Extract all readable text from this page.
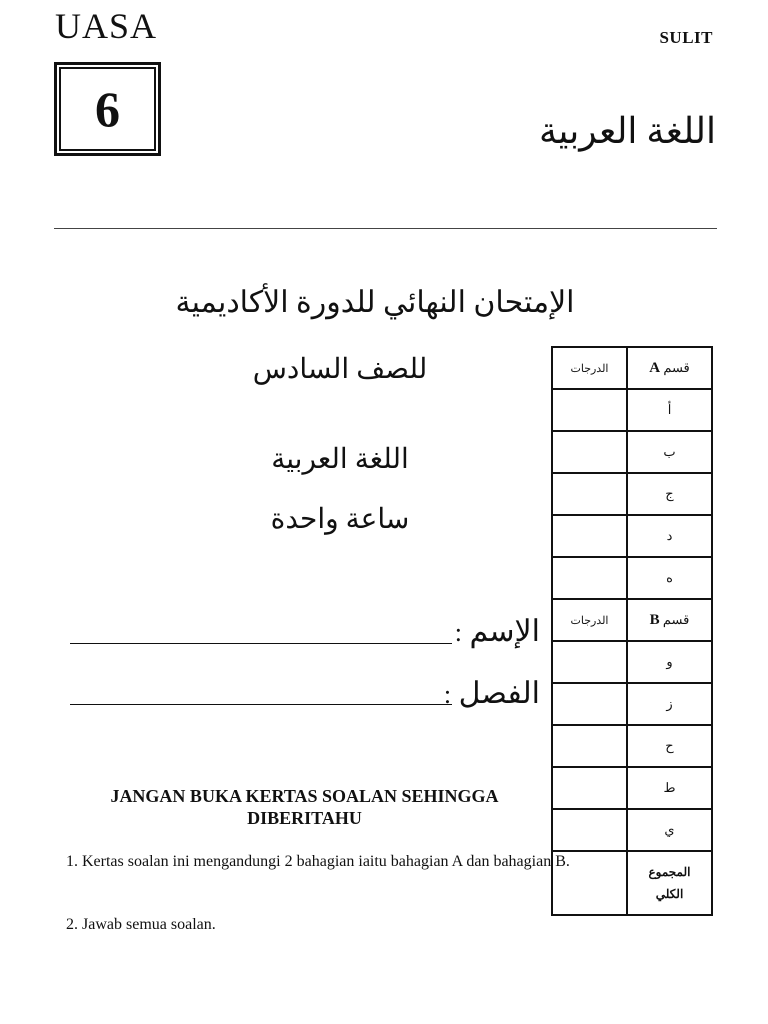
UASA
6
SULIT
اللغة العربية
الإمتحان النهائي للدورة الأكاديمية
للصف السادس
اللغة العربية
ساعة واحدة
الإسم :
الفصل :
JANGAN BUKA KERTAS SOALAN SEHINGGA DIBERITAHU
1. Kertas soalan ini mengandungi 2 bahagian iaitu bahagian A dan bahagian B.
2. Jawab semua soalan.
الدرجات	قسم A
	أ
	ب
	ج
	د
	ه
الدرجات	قسم B
	و
	ز
	ح
	ط
	ي

	المجموع
الكلي
